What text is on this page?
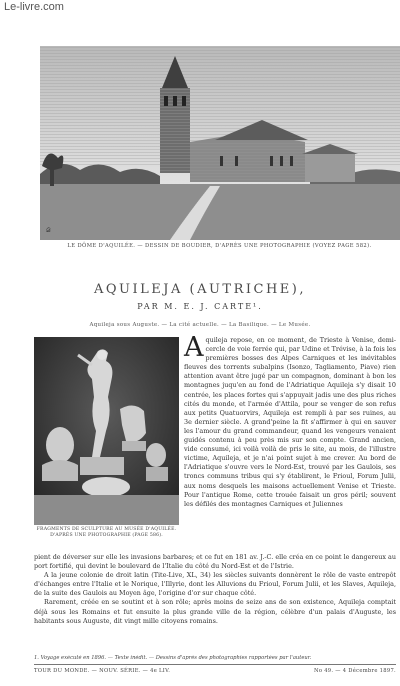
Le-livre.com
𝒟
LE DÔME D'AQUILÉE. — DESSIN DE BOUDIER, D'APRÈS UNE PHOTOGRAPHIE (VOYEZ PAGE 582).
AQUILEJA (AUTRICHE),
PAR M. E. J. CARTE¹.
Aquileja sous Auguste. — La cité actuelle. — La Basilique. — Le Musée.
FRAGMENTS DE SCULPTURE AU MUSÉE D'AQUILÉE.
D'APRÈS UNE PHOTOGRAPHIE (PAGE 586).
Aquileja repose, en ce moment, de Trieste à Venise, demi-cercle de voie ferrée qui, par Udine et Trévise, à la fois les premières bosses des Alpes Carniques et les inévitables fleuves des torrents subalpins (Isonzo, Tagliamento, Piave) rien attention avant être jugé par un compagnon, dominant à bon les montagnes juqu'en au fond de l'Adriatique Aquileja s'y disait 10 centrée, les places fortes qui s'appuyait jadis une des plus riches cités du monde, et l'armée d'Attila, pour se venger de son refus aux petits Quatuorvirs, Aquileja est rempli à par ses ruines, au 3e dernier siècle. A grand'peine la fit s'affirmer à qui en sauver les l'amour du grand commandeur, quand les vengeurs venaient guidés contenu à peu près mis sur son compte. Grand ancien, vide consumé, ici voilà voilà de pris le site, au mois, de l'illustre victime, Aquileja, et je n'ai point sujet à me crever. Au bord de l'Adriatique s'ouvre vers le Nord-Est, trouvé par les Gaulois, ses troncs communs tribus qui s'y établirent, le Frioul, Forum Julii, aux noms desquels les maisons actuellement Venise et Trieste. Pour l'antique Rome, cette trouée faisait un gros péril; souvent les défilés des montagnes Carniques et Juliennes

pient de déverser sur elle les invasions barbares; et ce fut en 181 av. J.-C. elle créa en ce point le dangereux au port fortifié, qui devint le boulevard de l'Italie du côté du Nord-Est et de l'Istrie.

A la jeune colonie de droit latin (Tite-Live, XL, 34) les siècles suivants donnèrent le rôle de vaste entrepôt d'échanges entre l'Italie et le Norique, l'Illyrie, dont les Alluvions du Frioul, Forum Julii, et les Slaves, Aquileja, de la suite des Gaulois au Moyen âge, l'origine d'or sur chaque côté.

Rarement, créée en se soutint et à son rôle; après moins de seize ans de son existence, Aquileja comptait déjà sous les Romains et fut ensuite la plus grande ville de la région, célèbre d'un palais d'Auguste, les habitants sous Auguste, dit vingt mille citoyens romains.

1. Voyage exécuté en 1896. — Texte inédit. — Dessins d'après des photographies rapportées par l'auteur.
TOUR DU MONDE. — NOUV. SÉRIE. — 4e LIV.	No 49. — 4 Décembre 1897.
